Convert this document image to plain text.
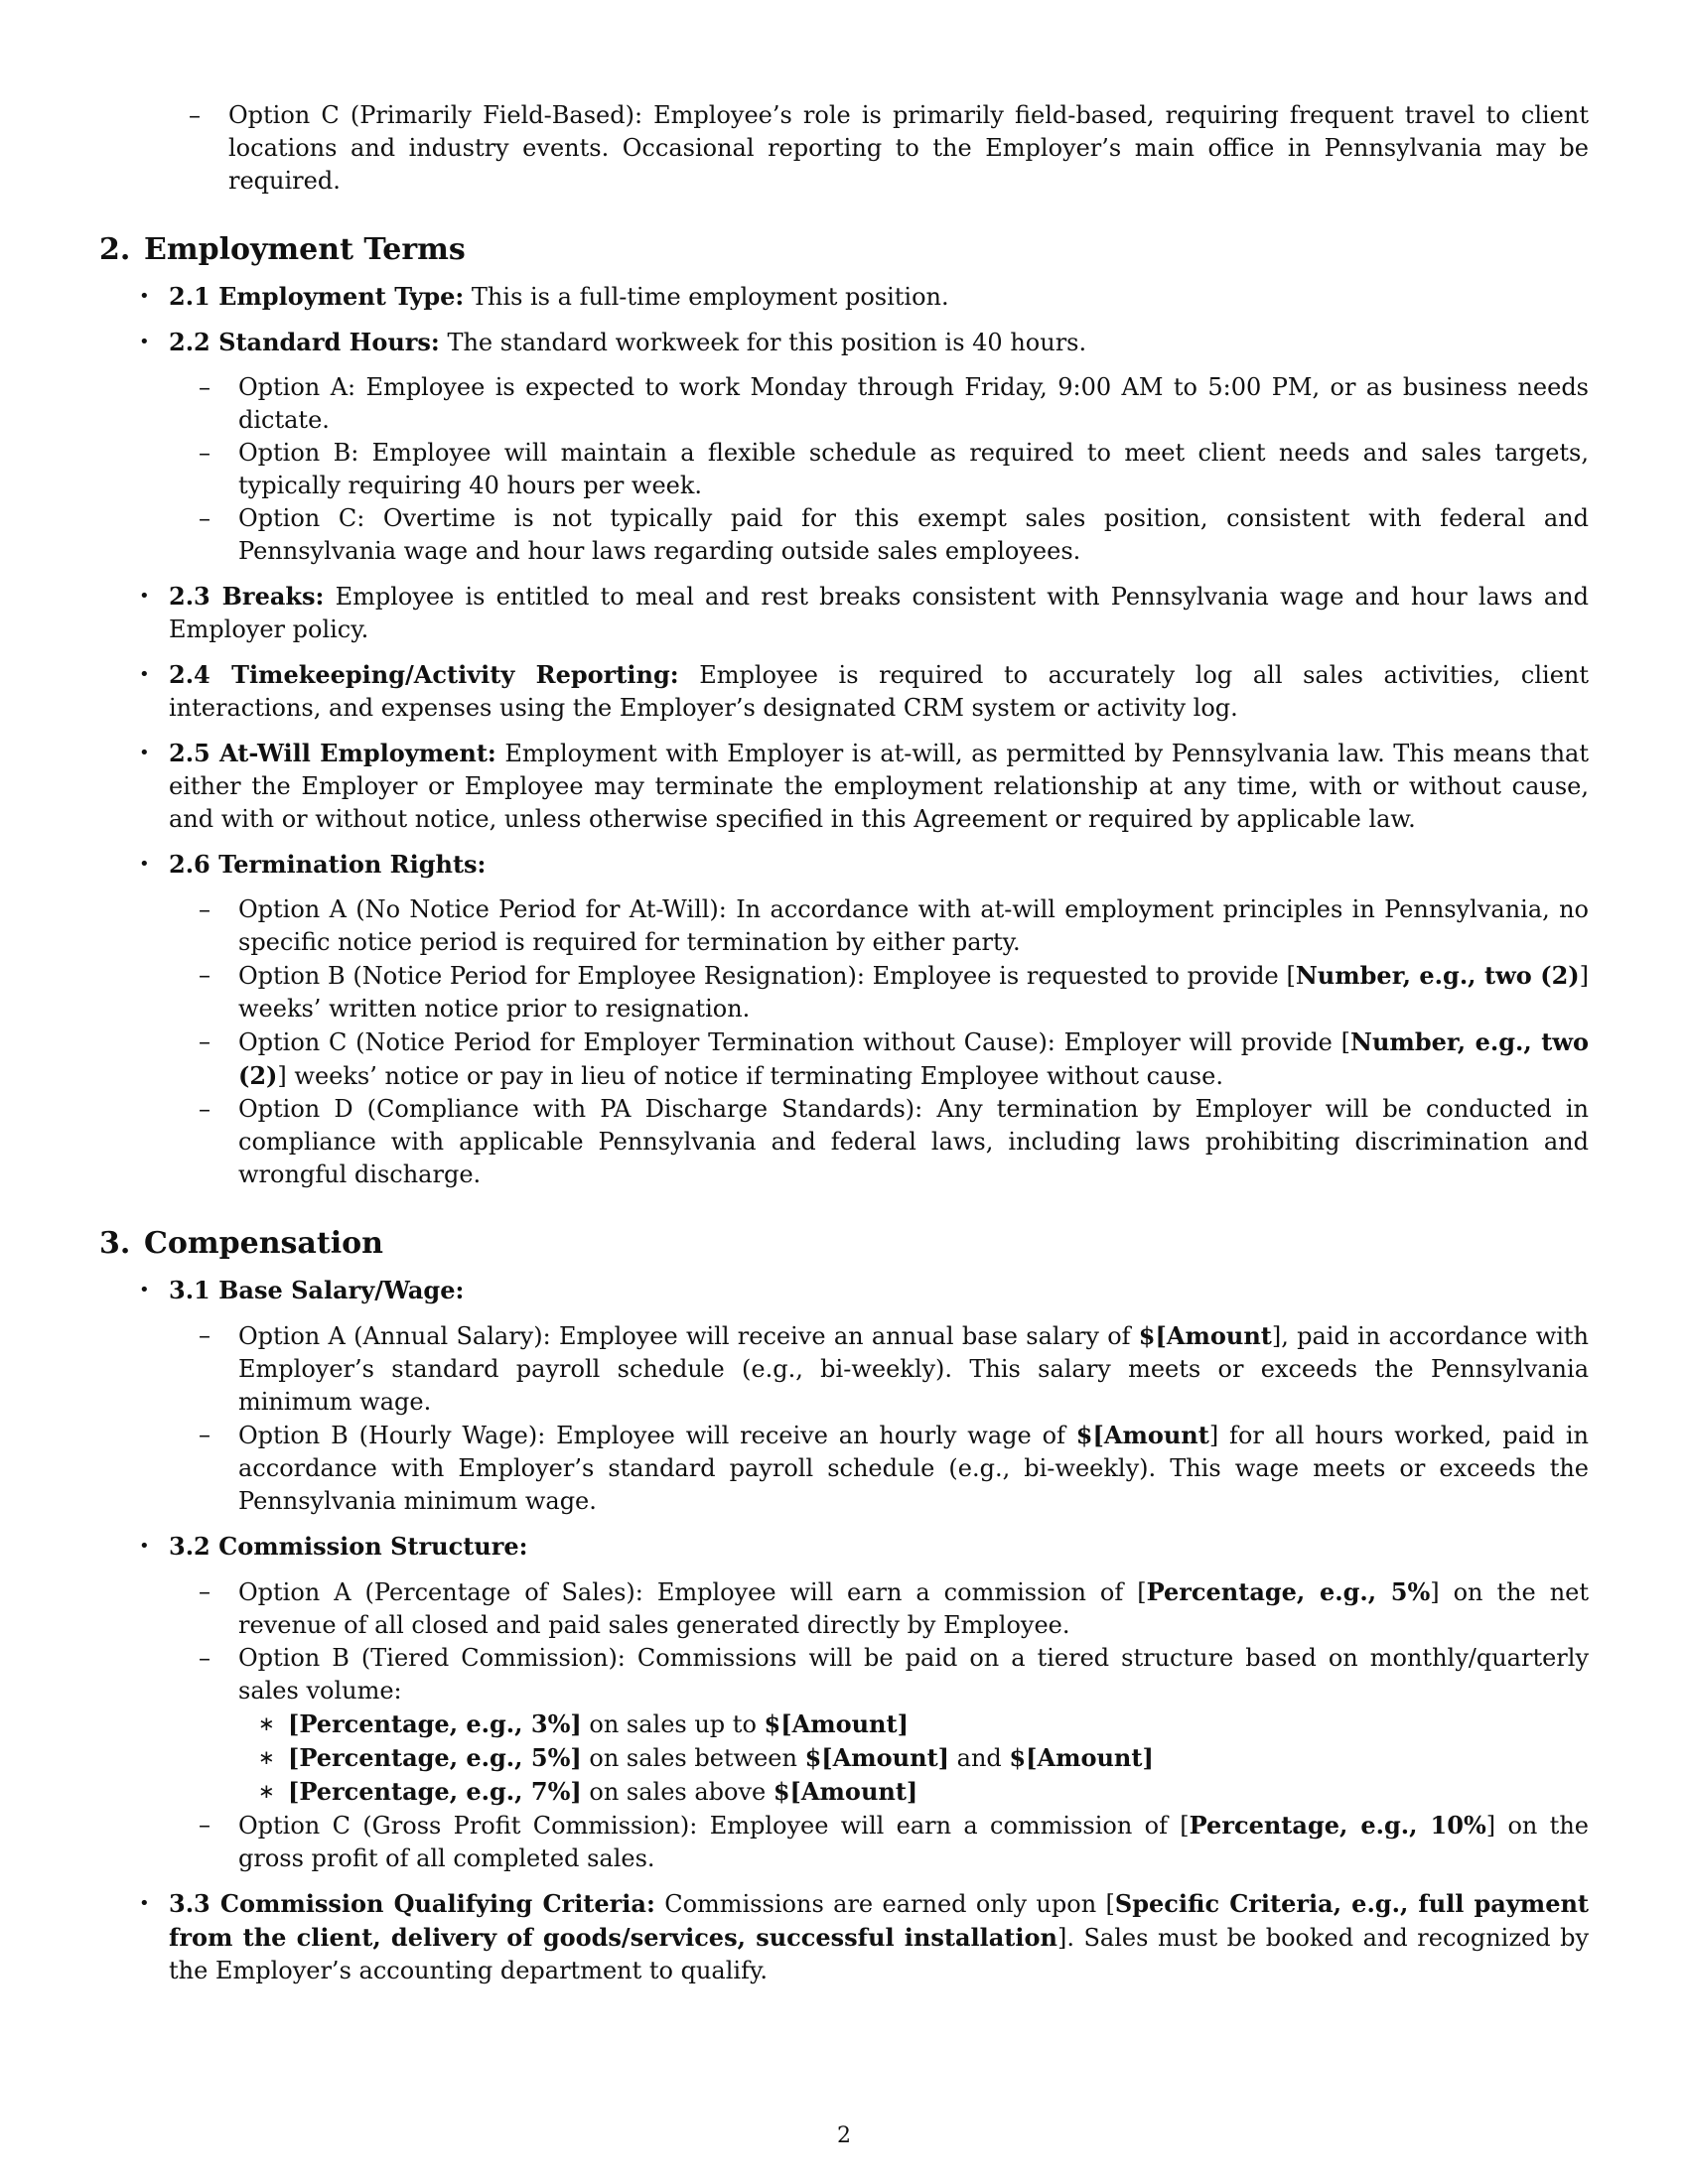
– Option C (Primarily Field-Based): Employee’s role is primarily field-based, requiring frequent travel to client locations and industry events. Occasional reporting to the Employer’s main office in Pennsylvania may be required.
2. Employment Terms
• 2.1 Employment Type: This is a full-time employment position.
• 2.2 Standard Hours: The standard workweek for this position is 40 hours.
– Option A: Employee is expected to work Monday through Friday, 9:00 AM to 5:00 PM, or as business needs dictate.
– Option B: Employee will maintain a flexible schedule as required to meet client needs and sales targets, typically requiring 40 hours per week.
– Option C: Overtime is not typically paid for this exempt sales position, consistent with federal and Pennsylvania wage and hour laws regarding outside sales employees.
• 2.3 Breaks: Employee is entitled to meal and rest breaks consistent with Pennsylvania wage and hour laws and Employer policy.
• 2.4 Timekeeping/Activity Reporting: Employee is required to accurately log all sales activities, client interactions, and expenses using the Employer’s designated CRM system or activity log.
• 2.5 At-Will Employment: Employment with Employer is at-will, as permitted by Pennsylvania law. This means that either the Employer or Employee may terminate the employment relationship at any time, with or without cause, and with or without notice, unless otherwise specified in this Agreement or required by applicable law.
• 2.6 Termination Rights:
– Option A (No Notice Period for At-Will): In accordance with at-will employment principles in Pennsylvania, no specific notice period is required for termination by either party.
– Option B (Notice Period for Employee Resignation): Employee is requested to provide [Number, e.g., two (2)] weeks’ written notice prior to resignation.
– Option C (Notice Period for Employer Termination without Cause): Employer will provide [Number, e.g., two (2)] weeks’ notice or pay in lieu of notice if terminating Employee without cause.
– Option D (Compliance with PA Discharge Standards): Any termination by Employer will be conducted in compliance with applicable Pennsylvania and federal laws, including laws prohibiting discrimination and wrongful discharge.
3. Compensation
• 3.1 Base Salary/Wage:
– Option A (Annual Salary): Employee will receive an annual base salary of $[Amount], paid in accordance with Employer’s standard payroll schedule (e.g., bi-weekly). This salary meets or exceeds the Pennsylvania minimum wage.
– Option B (Hourly Wage): Employee will receive an hourly wage of $[Amount] for all hours worked, paid in accordance with Employer’s standard payroll schedule (e.g., bi-weekly). This wage meets or exceeds the Pennsylvania minimum wage.
• 3.2 Commission Structure:
– Option A (Percentage of Sales): Employee will earn a commission of [Percentage, e.g., 5%] on the net revenue of all closed and paid sales generated directly by Employee.
– Option B (Tiered Commission): Commissions will be paid on a tiered structure based on monthly/quarterly sales volume:
∗ [Percentage, e.g., 3%] on sales up to $[Amount]
∗ [Percentage, e.g., 5%] on sales between $[Amount] and $[Amount]
∗ [Percentage, e.g., 7%] on sales above $[Amount]
– Option C (Gross Profit Commission): Employee will earn a commission of [Percentage, e.g., 10%] on the gross profit of all completed sales.
• 3.3 Commission Qualifying Criteria: Commissions are earned only upon [Specific Criteria, e.g., full payment from the client, delivery of goods/services, successful installation]. Sales must be booked and recognized by the Employer’s accounting department to qualify.
2
